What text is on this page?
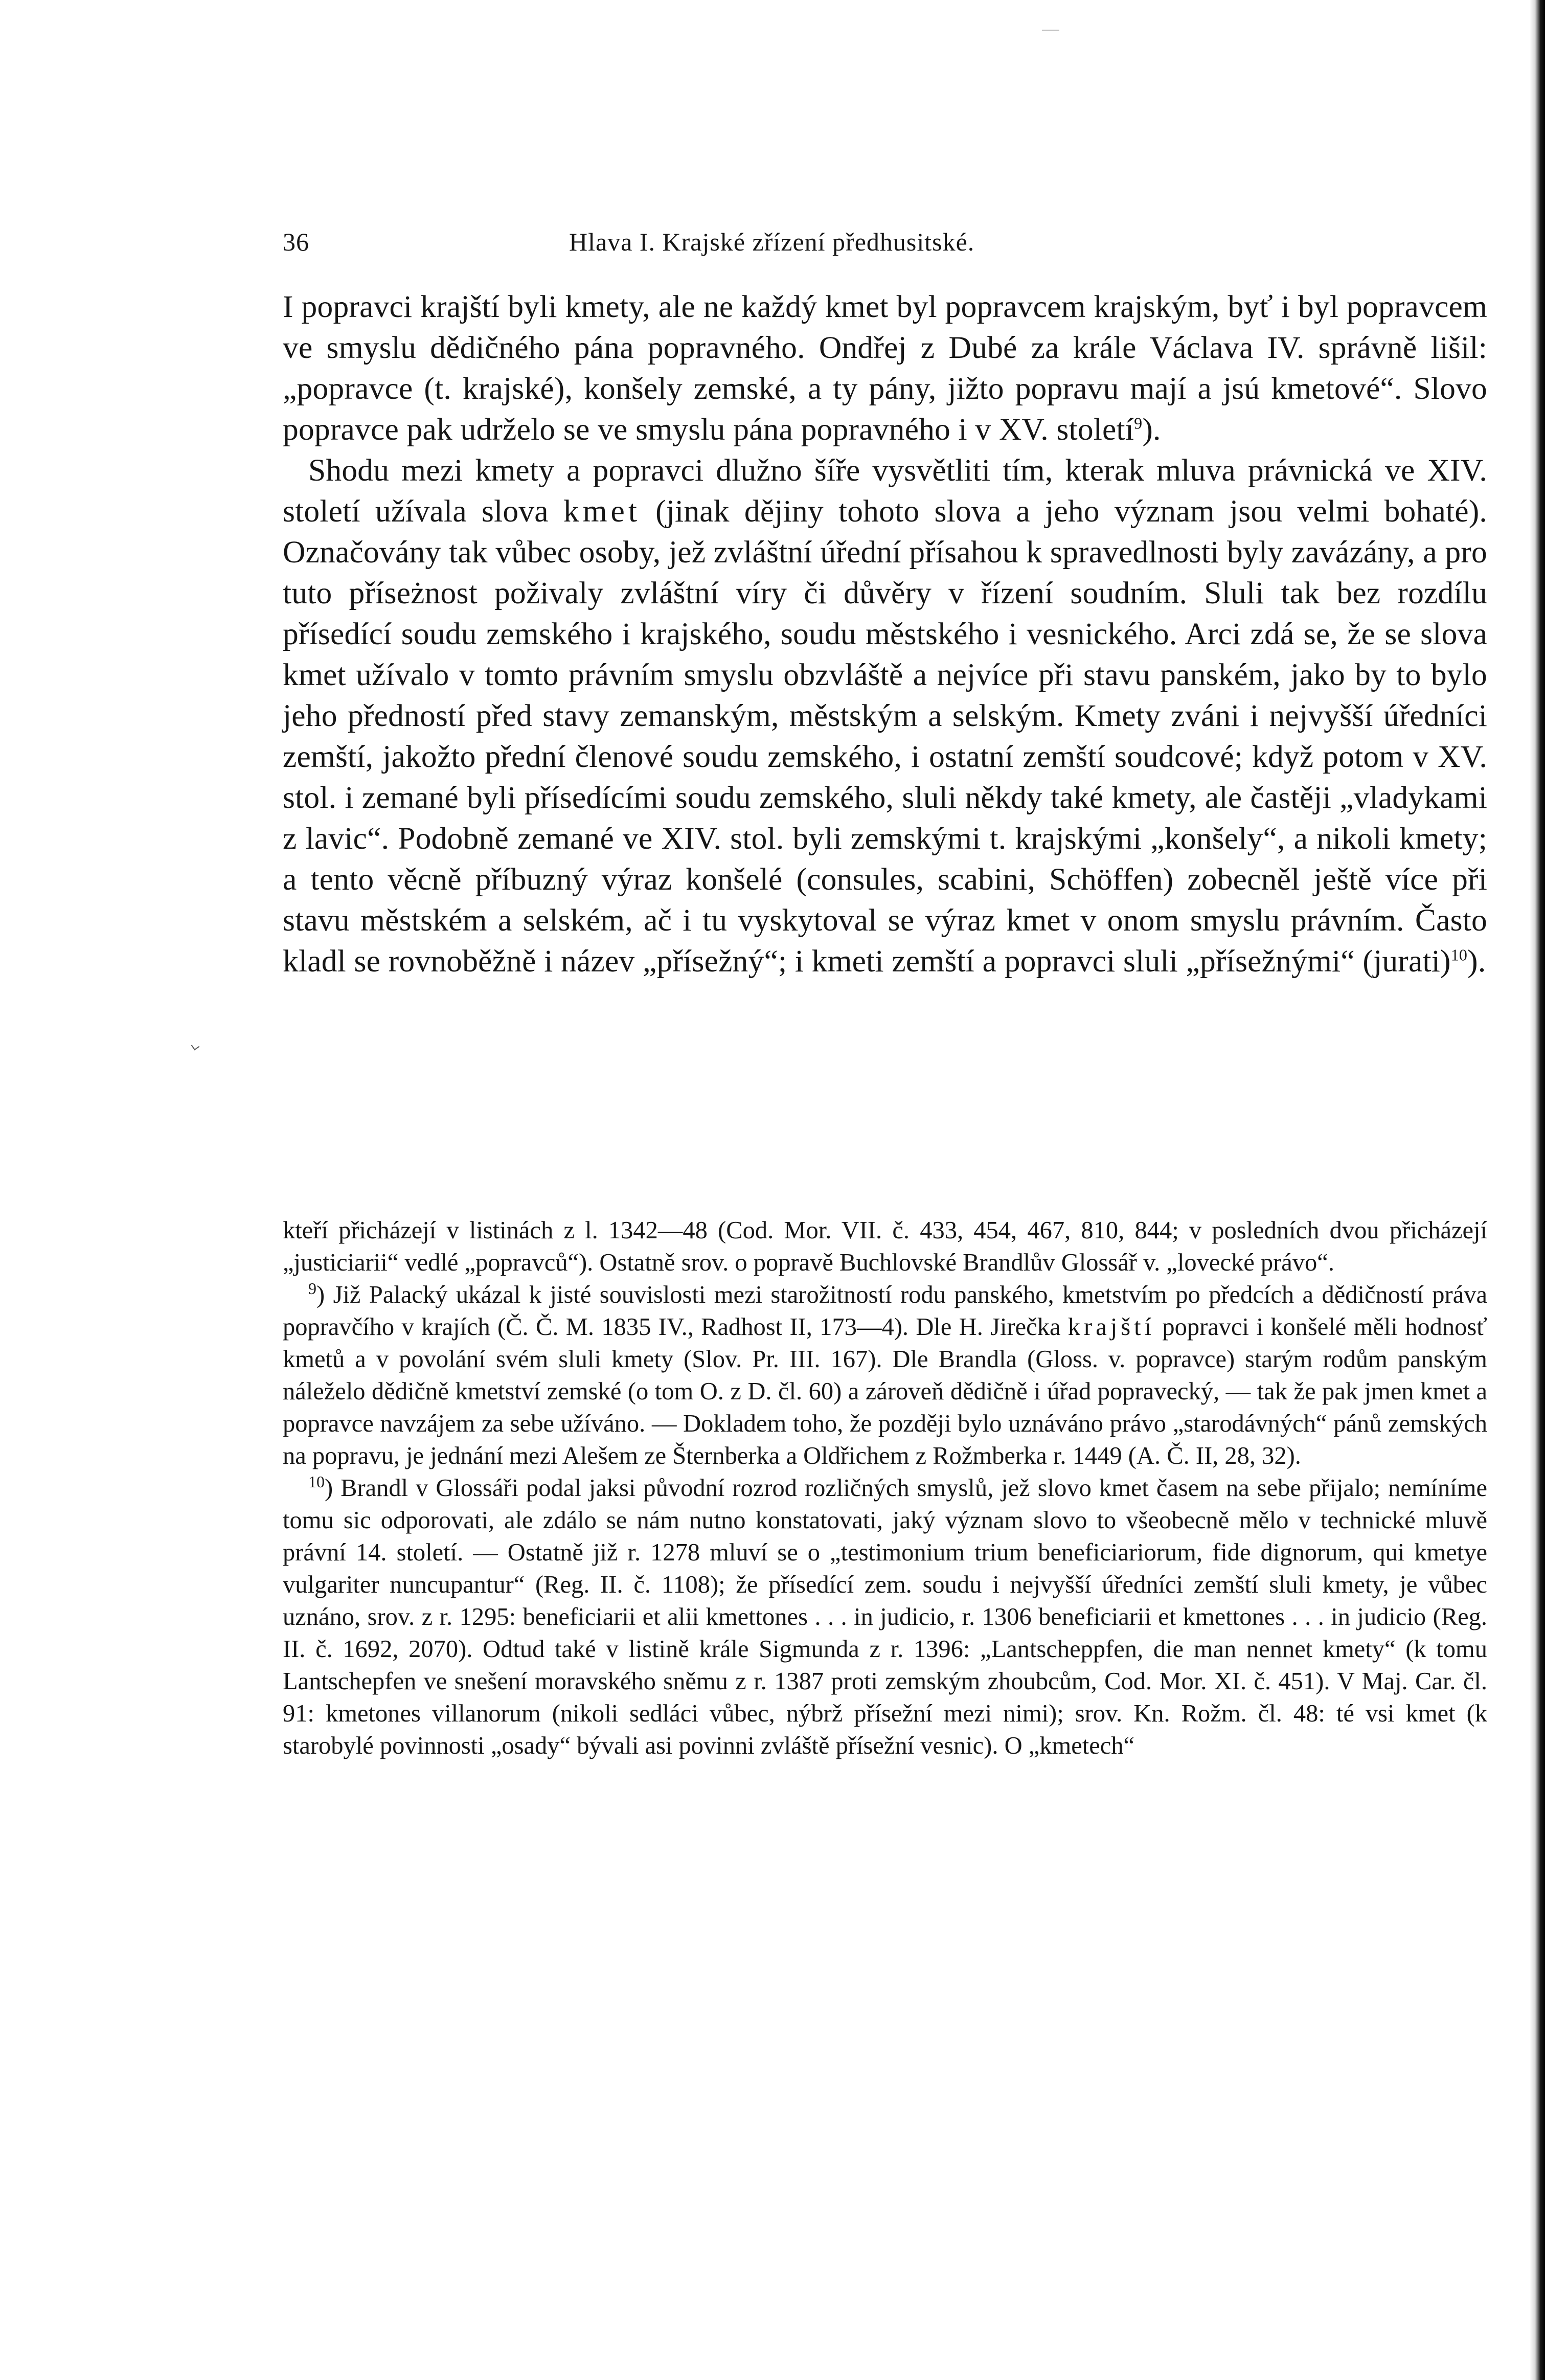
36	Hlava I. Krajské zřízení předhusitské.

I popravci krajští byli kmety, ale ne každý kmet byl popravcem krajským, byť i byl popravcem ve smyslu dědičného pána popravného. Ondřej z Dubé za krále Václava IV. správně lišil: „popravce (t. krajské), konšely zemské, a ty pány, jižto popravu mají a jsú kmetové“. Slovo popravce pak udrželo se ve smyslu pána popravného i v XV. století$^9$).

Shodu mezi kmety a popravci dlužno šíře vysvětliti tím, kterak mluva právnická ve XIV. století užívala slova kmet (jinak dějiny tohoto slova a jeho význam jsou velmi bohaté). Označovány tak vůbec osoby, jež zvláštní úřední přísahou k spravedlnosti byly zavázány, a pro tuto příseżnost poživaly zvláštní víry či důvěry v řízení soudním. Sluli tak bez rozdílu přísedící soudu zemského i krajského, soudu městského i vesnického. Arci zdá se, že se slova kmet užívalo v tomto právním smyslu obzvláště a nejvíce při stavu panském, jako by to bylo jeho předností před stavy zemanským, městským a selským. Kmety zváni i nejvyšší úředníci zemští, jakožto přední členové soudu zemského, i ostatní zemští soudcové; když potom v XV. stol. i zemané byli přísedícími soudu zemského, sluli někdy také kmety, ale častěji „vladykami z lavic“. Podobně zemané ve XIV. stol. byli zemskými t. krajskými „konšely“, a nikoli kmety; a tento věcně příbuzný výraz konšelé (consules, scabini, Schöffen) zobecněl ještě více při stavu městském a selském, ač i tu vyskytoval se výraz kmet v onom smyslu právním. Často kladl se rovnoběžně i název „přísežný“; i kmeti zemští a popravci sluli „přísežnými“ (jurati)$^{10}$).

kteří přicházejí v listinách z l. 1342—48 (Cod. Mor. VII. č. 433, 454, 467, 810, 844; v posledních dvou přicházejí „justiciarii“ vedlé „popravců“). Ostatně srov. o popravě Buchlovské Brandlův Glossář v. „lovecké právo“.

$^9$) Již Palacký ukázal k jisté souvislosti mezi starožitností rodu panského, kmetstvím po předcích a dědičností práva popravčího v krajích (Č. Č. M. 1835 IV., Radhost II, 173—4). Dle H. Jirečka krajští popravci i konšelé měli hodnosť kmetů a v povolání svém sluli kmety (Slov. Pr. III. 167). Dle Brandla (Gloss. v. popravce) starým rodům panským náleželo dědičně kmetství zemské (o tom O. z D. čl. 60) a zároveň dědičně i úřad popravecký, — tak že pak jmen kmet a popravce navzájem za sebe užíváno. — Dokladem toho, že později bylo uznáváno právo „starodávných“ pánů zemských na popravu, je jednání mezi Alešem ze Šternberka a Oldřichem z Rožmberka r. 1449 (A. Č. II, 28, 32).

$^{10}$) Brandl v Glossáři podal jaksi původní rozrod rozličných smyslů, jež slovo kmet časem na sebe přijalo; nemíníme tomu sic odporovati, ale zdálo se nám nutno konstatovati, jaký význam slovo to všeobecně mělo v technické mluvě právní 14. století. — Ostatně již r. 1278 mluví se o „testimonium trium beneficiariorum, fide dignorum, qui kmetye vulgariter nuncupantur“ (Reg. II. č. 1108); že přísedící zem. soudu i nejvyšší úředníci zemští sluli kmety, je vůbec uznáno, srov. z r. 1295: beneficiarii et alii kmettones . . . in judicio, r. 1306 beneficiarii et kmettones . . . in judicio (Reg. II. č. 1692, 2070). Odtud také v listině krále Sigmunda z r. 1396: „Lantscheppfen, die man nennet kmety“ (k tomu Lantschepfen ve snešení moravského sněmu z r. 1387 proti zemským zhoubcům, Cod. Mor. XI. č. 451). V Maj. Car. čl. 91: kmetones villanorum (nikoli sedláci vůbec, nýbrž přísežní mezi nimi); srov. Kn. Rožm. čl. 48: té vsi kmet (k starobylé povinnosti „osady“ bývali asi povinni zvláště přísežní vesnic). O „kmetech“
